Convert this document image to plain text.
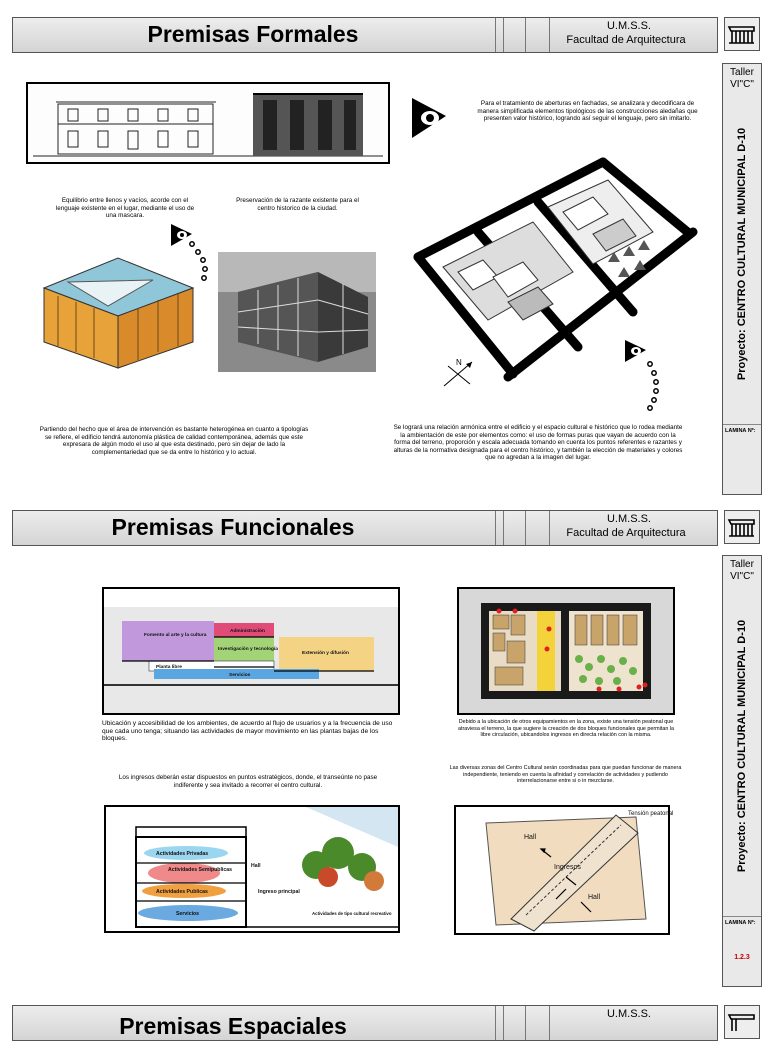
Premisas Formales	U.M.S.S.
Facultad de Arquitectura
Taller
VI"C"
Proyecto: CENTRO CULTURAL MUNICIPAL D-10
LAMINA Nº:
Para el tratamiento de aberturas en fachadas, se analizara y decodificara de manera simplificada elementos tipológicos de las construcciones aledañas que presenten valor histórico, logrando así seguir el lenguaje, pero sin imitarlo.
Equilibrio entre llenos y vacíos, acorde con el lenguaje existente en el lugar, mediante el uso de una mascara.
Preservación de la razante existente para el centro historico de la ciudad.
N
Partiendo del hecho que el área de intervención es bastante heterogénea en cuanto a tipologías se refiere, el edificio tendrá autonomía plástica de calidad contemporánea, además que este expresara de algún modo el uso al que esta destinado, pero sin dejar de lado la complementariedad que se da entre lo histórico y lo actual.
Se logrará una relación armónica entre el edificio y el espacio cultural e histórico que lo rodea mediante la ambientación de este por elementos como: el uso de formas puras que vayan de acuerdo con la forma del terreno, proporción y escala adecuada tomando en cuenta los puntos referentes e razantes y alturas de la normativa designada para el centro histórico, y también la elección de materiales y colores que no agredan a la imagen del lugar.
Premisas Funcionales	U.M.S.S.
Facultad de Arquitectura
Taller
VI"C"
Proyecto: CENTRO CULTURAL MUNICIPAL D-10
LAMINA Nº:
1.2.3
Fomento al arte y la cultura
Administración
Investigación y tecnología
Extensión y difusión
Planta libre
Servicios
Ubicación y accesibilidad de los ambientes, de acuerdo al flujo de usuarios y a la frecuencia de uso que cada uno tenga; situando las actividades de mayor movimiento en las plantas bajas de los bloques.
Debido a la ubicación de otros equipamientos en la zona, existe una tensión peatonal que atraviesa el terreno, la que sugiere la creación de dos bloques funcionales que permitan la libre circulación, ubicandolos ingresos en directa relación con la misma.
Los ingresos deberán estar dispuestos en puntos estratégicos, donde, el transeúnte no pase indiferente y sea invitado a recorrer el centro cultural.
Las diversas zonas del Centro Cultural serán coordinadas para que puedan funcionar de manera independiente, teniendo en cuenta la afinidad y correlación de actividades y pudiendo interrelacionarse entre si o in mezclarse.
Actividades Privadas
Actividades Semipublicas
Actividades Publicas
Servicios
Hall
Ingreso principal
Actividades de tipo cultural recreativo
Tensión peatonal
Hall
Ingresos
Hall
Premisas Espaciales	U.M.S.S.
